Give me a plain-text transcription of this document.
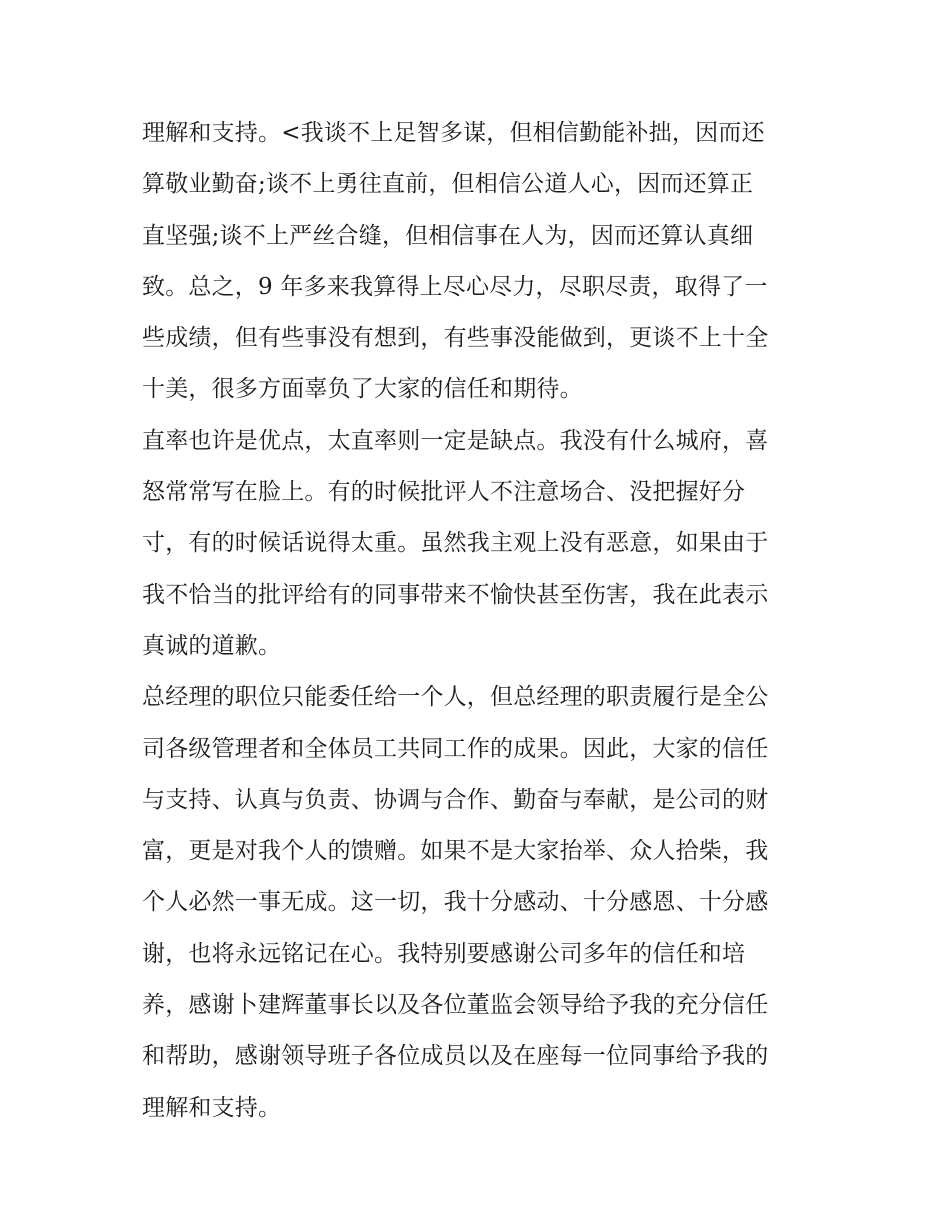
理解和支持。<我谈不上足智多谋，但相信勤能补拙，因而还
算敬业勤奋;谈不上勇往直前，但相信公道人心，因而还算正
直坚强;谈不上严丝合缝，但相信事在人为，因而还算认真细
致。总之，9 年多来我算得上尽心尽力，尽职尽责，取得了一
些成绩，但有些事没有想到，有些事没能做到，更谈不上十全
十美，很多方面辜负了大家的信任和期待。

直率也许是优点，太直率则一定是缺点。我没有什么城府，喜
怒常常写在脸上。有的时候批评人不注意场合、没把握好分
寸，有的时候话说得太重。虽然我主观上没有恶意，如果由于
我不恰当的批评给有的同事带来不愉快甚至伤害，我在此表示
真诚的道歉。

总经理的职位只能委任给一个人，但总经理的职责履行是全公
司各级管理者和全体员工共同工作的成果。因此，大家的信任
与支持、认真与负责、协调与合作、勤奋与奉献，是公司的财
富，更是对我个人的馈赠。如果不是大家抬举、众人拾柴，我
个人必然一事无成。这一切，我十分感动、十分感恩、十分感
谢，也将永远铭记在心。我特别要感谢公司多年的信任和培
养，感谢卜建辉董事长以及各位董监会领导给予我的充分信任
和帮助，感谢领导班子各位成员以及在座每一位同事给予我的
理解和支持。
